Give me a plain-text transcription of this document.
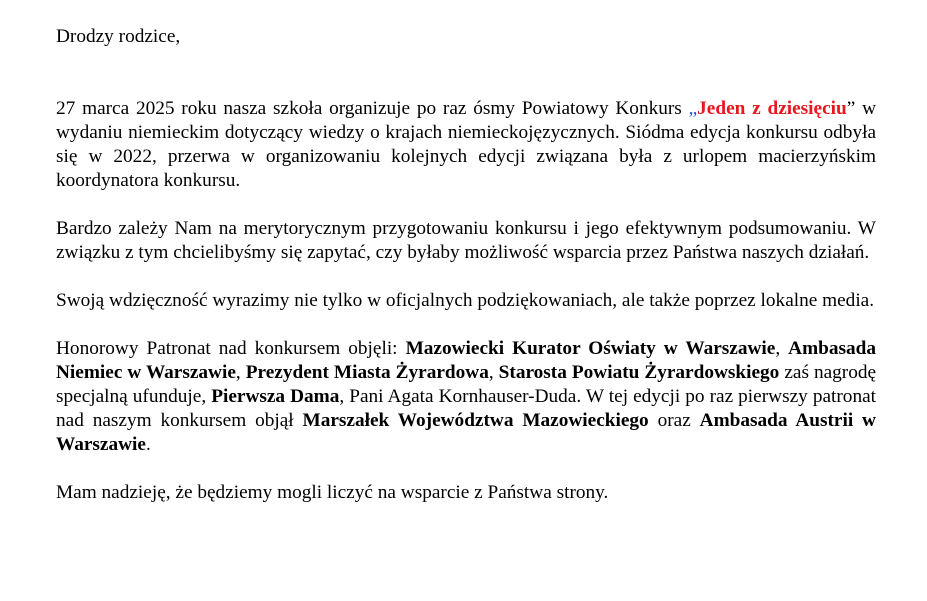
Drodzy rodzice,

27 marca 2025 roku nasza szkoła organizuje po raz ósmy Powiatowy Konkurs „Jeden z dziesięciu” w wydaniu niemieckim dotyczący wiedzy o krajach niemieckojęzycznych. Siódma edycja konkursu odbyła się w 2022, przerwa w organizowaniu kolejnych edycji związana była z urlopem macierzyńskim koordynatora konkursu.

Bardzo zależy Nam na merytorycznym przygotowaniu konkursu i jego efektywnym podsumowaniu. W związku z tym chcielibyśmy się zapytać, czy byłaby możliwość wsparcia przez Państwa naszych działań.

Swoją wdzięczność wyrazimy nie tylko w oficjalnych podziękowaniach, ale także poprzez lokalne media.

Honorowy Patronat nad konkursem objęli: Mazowiecki Kurator Oświaty w Warszawie, Ambasada Niemiec w Warszawie, Prezydent Miasta Żyrardowa, Starosta Powiatu Żyrardowskiego zaś nagrodę specjalną ufunduje, Pierwsza Dama, Pani Agata Kornhauser-Duda. W tej edycji po raz pierwszy patronat nad naszym konkursem objął Marszałek Województwa Mazowieckiego oraz Ambasada Austrii w Warszawie.

Mam nadzieję, że będziemy mogli liczyć na wsparcie z Państwa strony.
